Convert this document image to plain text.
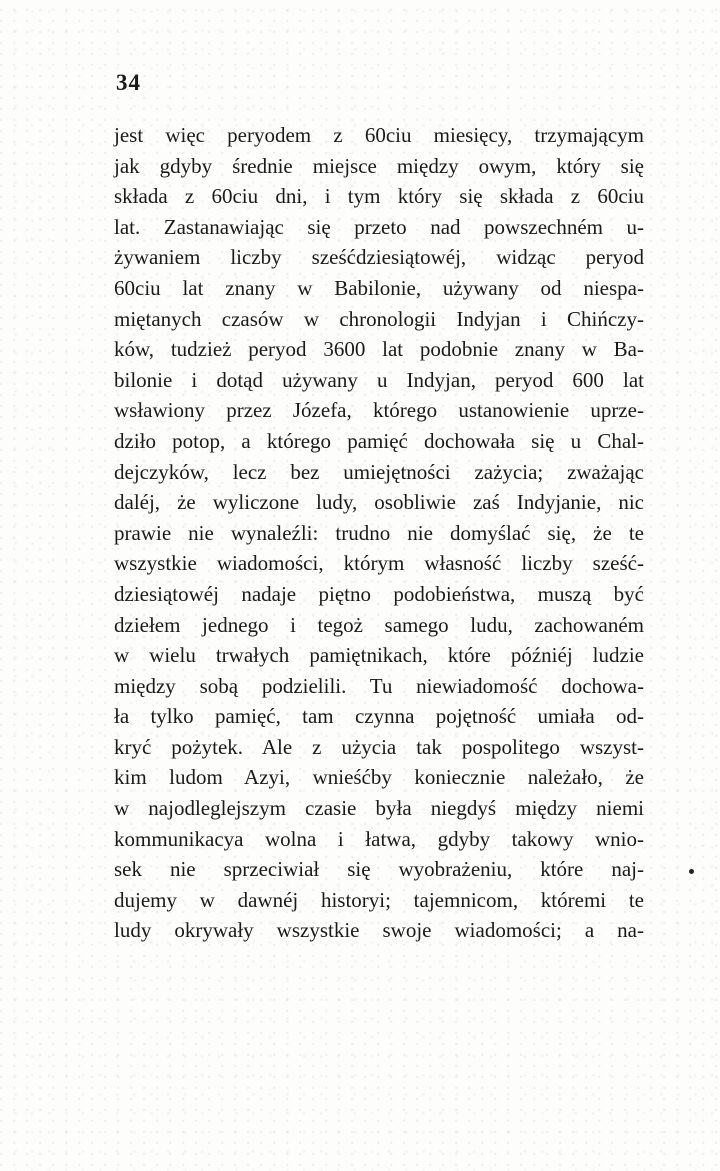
34
jest więc peryodem z 60ciu miesięcy, trzymającym
jak gdyby średnie miejsce między owym, który się
składa z 60ciu dni, i tym który się składa z 60ciu
lat. Zastanawiając się przeto nad powszechném u-
żywaniem liczby sześćdziesiątowéj, widząc peryod
60ciu lat znany w Babilonie, używany od niespa-
miętanych czasów w chronologii Indyjan i Chińczy-
ków, tudzież peryod 3600 lat podobnie znany w Ba-
bilonie i dotąd używany u Indyjan, peryod 600 lat
wsławiony przez Józefa, którego ustanowienie uprze-
dziło potop, a którego pamięć dochowała się u Chal-
dejczyków, lecz bez umiejętności zażycia; zważając
daléj, że wyliczone ludy, osobliwie zaś Indyjanie, nic
prawie nie wynaleźli: trudno nie domyślać się, że te
wszystkie wiadomości, którym własność liczby sześć-
dziesiątowéj nadaje piętno podobieństwa, muszą być
dziełem jednego i tegoż samego ludu, zachowaném
w wielu trwałych pamiętnikach, które późniéj ludzie
między sobą podzielili. Tu niewiadomość dochowa-
ła tylko pamięć, tam czynna pojętność umiała od-
kryć pożytek. Ale z użycia tak pospolitego wszyst-
kim ludom Azyi, wnieśćby koniecznie należało, że
w najodleglejszym czasie była niegdyś między niemi
kommunikacya wolna i łatwa, gdyby takowy wnio-
sek nie sprzeciwiał się wyobrażeniu, które naj-
dujemy w dawnéj historyi; tajemnicom, któremi te
ludy okrywały wszystkie swoje wiadomości; a na-
